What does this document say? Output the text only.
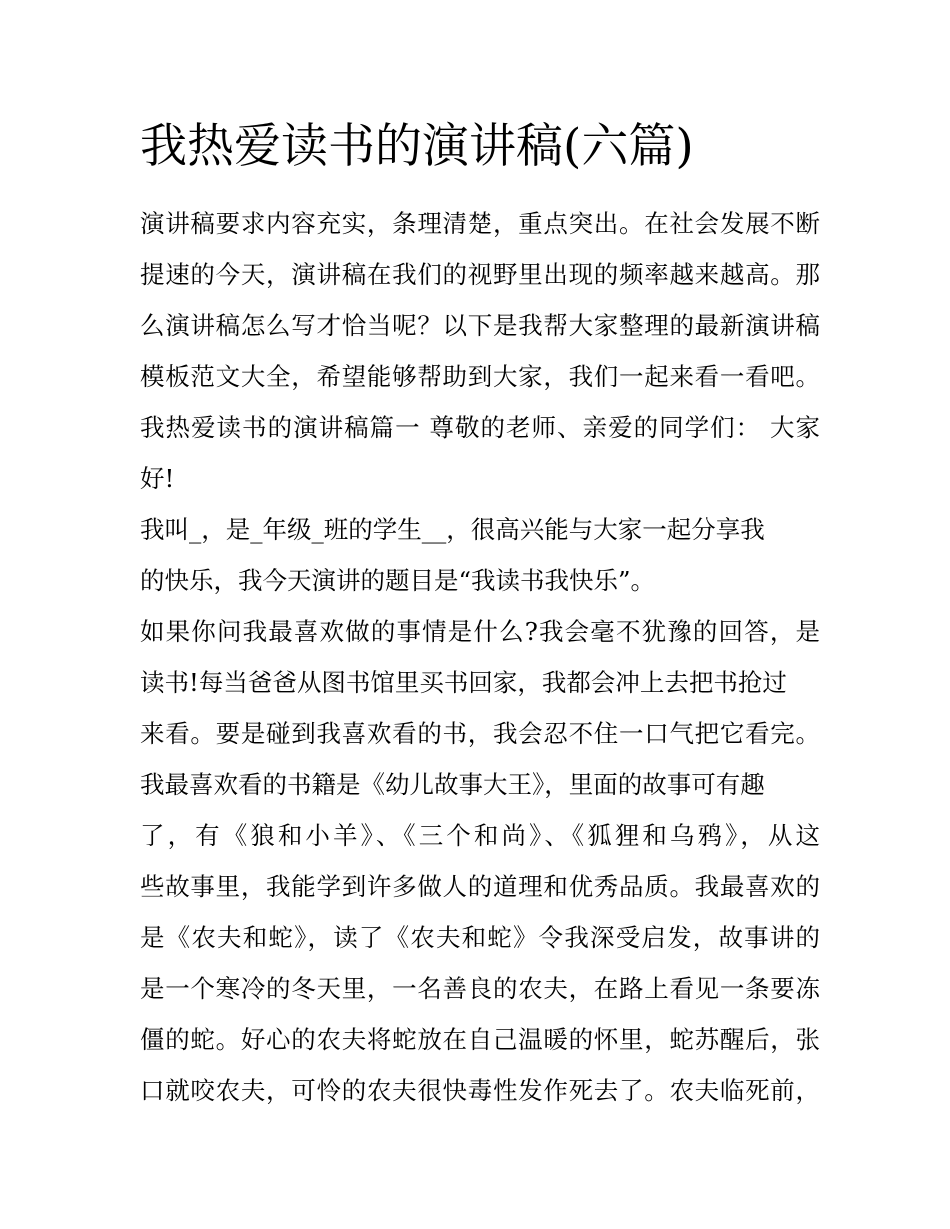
我热爱读书的演讲稿(六篇)
演讲稿要求内容充实，条理清楚，重点突出。在社会发展不断
提速的今天，演讲稿在我们的视野里出现的频率越来越高。那
么演讲稿怎么写才恰当呢？以下是我帮大家整理的最新演讲稿
模板范文大全，希望能够帮助到大家，我们一起来看一看吧。
我热爱读书的演讲稿篇一 尊敬的老师、亲爱的同学们： 大家
好!
我叫_，是_年级_班的学生__，很高兴能与大家一起分享我
的快乐，我今天演讲的题目是“我读书我快乐”。
如果你问我最喜欢做的事情是什么?我会毫不犹豫的回答，是
读书!每当爸爸从图书馆里买书回家，我都会冲上去把书抢过
来看。要是碰到我喜欢看的书，我会忍不住一口气把它看完。
我最喜欢看的书籍是《幼儿故事大王》，里面的故事可有趣
了，有《狼和小羊》、《三个和尚》、《狐狸和乌鸦》，从这
些故事里，我能学到许多做人的道理和优秀品质。我最喜欢的
是《农夫和蛇》，读了《农夫和蛇》令我深受启发，故事讲的
是一个寒冷的冬天里，一名善良的农夫，在路上看见一条要冻
僵的蛇。好心的农夫将蛇放在自己温暖的怀里，蛇苏醒后，张
口就咬农夫，可怜的农夫很快毒性发作死去了。农夫临死前，
